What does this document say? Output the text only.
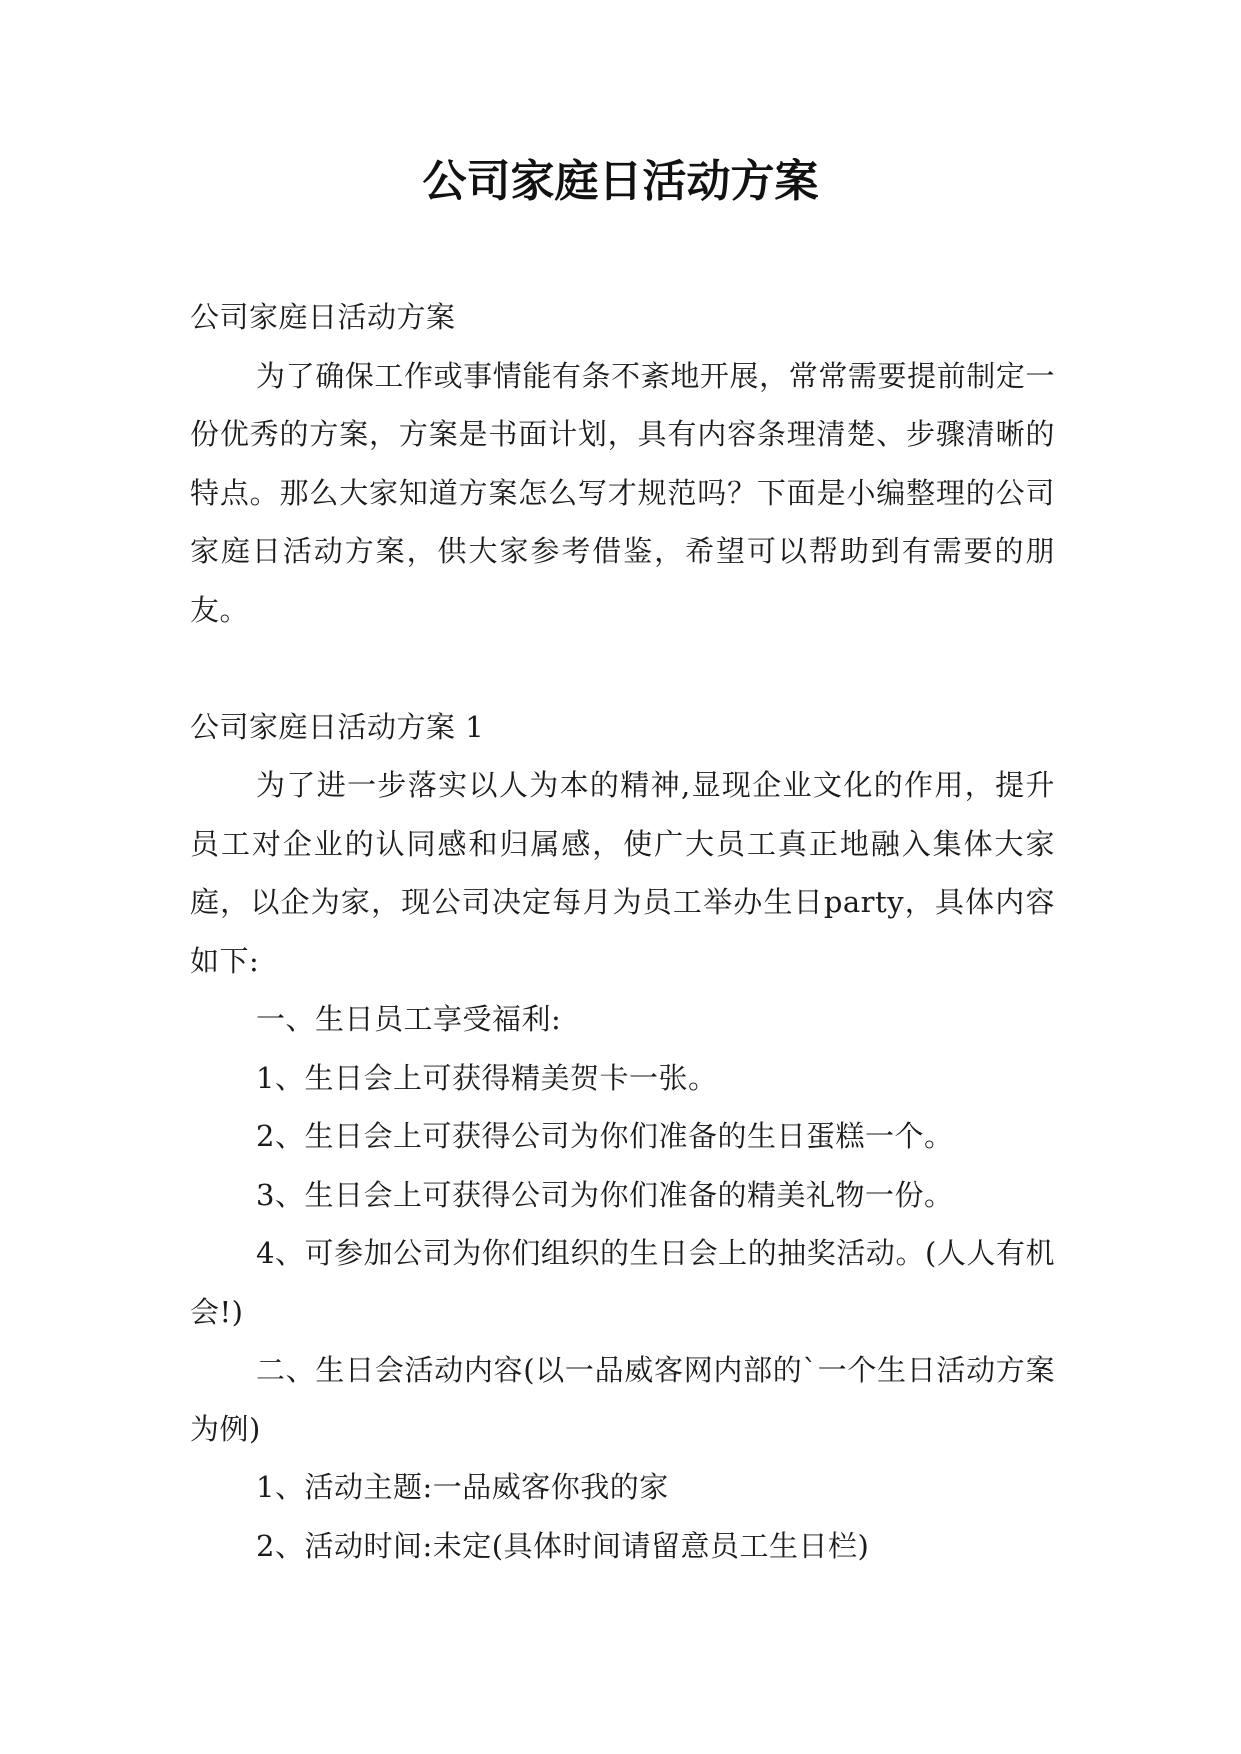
公司家庭日活动方案

公司家庭日活动方案

为了确保工作或事情能有条不紊地开展，常常需要提前制定一份优秀的方案，方案是书面计划，具有内容条理清楚、步骤清晰的特点。那么大家知道方案怎么写才规范吗？下面是小编整理的公司家庭日活动方案，供大家参考借鉴，希望可以帮助到有需要的朋友。

公司家庭日活动方案 1

为了进一步落实以人为本的精神,显现企业文化的作用，提升员工对企业的认同感和归属感，使广大员工真正地融入集体大家庭，以企为家，现公司决定每月为员工举办生日party，具体内容如下:

一、生日员工享受福利:

1、生日会上可获得精美贺卡一张。

2、生日会上可获得公司为你们准备的生日蛋糕一个。

3、生日会上可获得公司为你们准备的精美礼物一份。

4、可参加公司为你们组织的生日会上的抽奖活动。(人人有机会!)

二、生日会活动内容(以一品威客网内部的`一个生日活动方案为例)

1、活动主题:一品威客你我的家

2、活动时间:未定(具体时间请留意员工生日栏)
